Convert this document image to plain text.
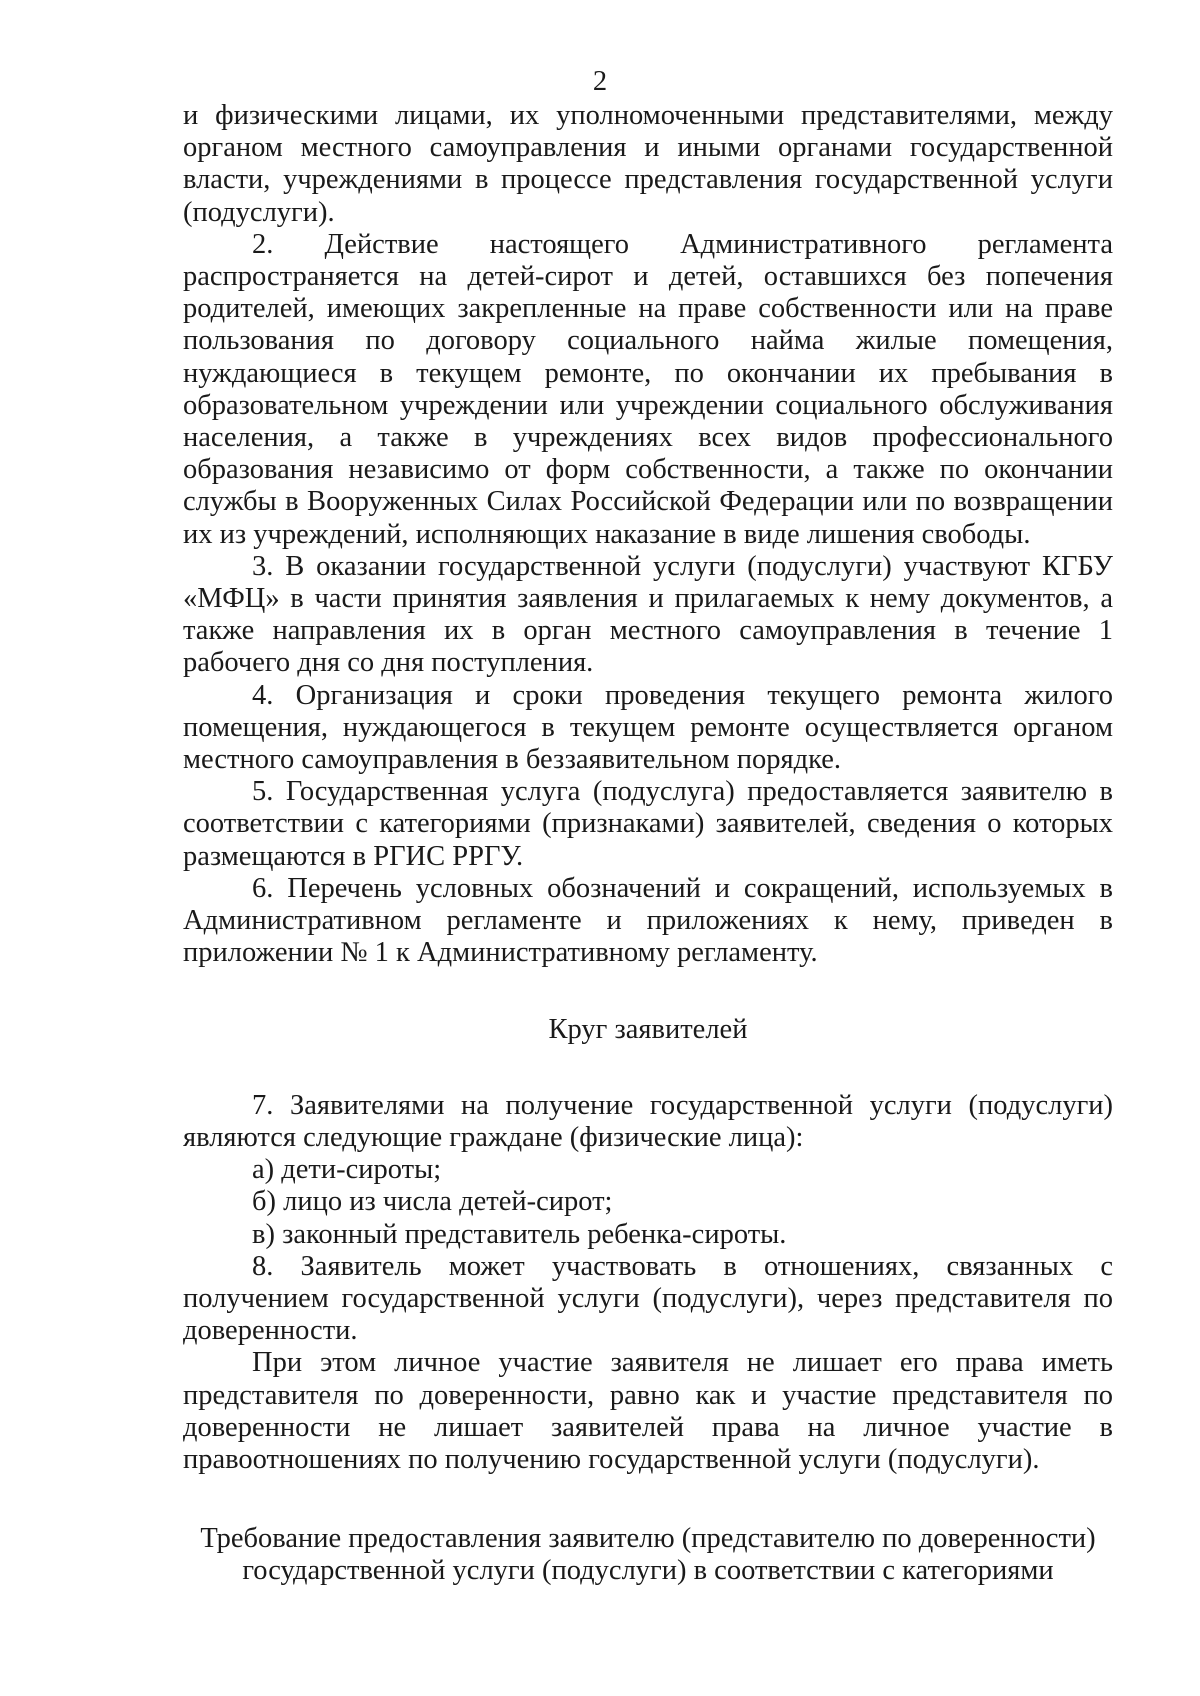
2

и физическими лицами, их уполномоченными представителями, между органом местного самоуправления и иными органами государственной власти, учреждениями в процессе представления государственной услуги (подуслуги).

2. Действие настоящего Административного регламента распространяется на детей-сирот и детей, оставшихся без попечения родителей, имеющих закрепленные на праве собственности или на праве пользования по договору социального найма жилые помещения, нуждающиеся в текущем ремонте, по окончании их пребывания в образовательном учреждении или учреждении социального обслуживания населения, а также в учреждениях всех видов профессионального образования независимо от форм собственности, а также по окончании службы в Вооруженных Силах Российской Федерации или по возвращении их из учреждений, исполняющих наказание в виде лишения свободы.

3. В оказании государственной услуги (подуслуги) участвуют КГБУ «МФЦ» в части принятия заявления и прилагаемых к нему документов, а также направления их в орган местного самоуправления в течение 1 рабочего дня со дня поступления.

4. Организация и сроки проведения текущего ремонта жилого помещения, нуждающегося в текущем ремонте осуществляется органом местного самоуправления в беззаявительном порядке.

5. Государственная услуга (подуслуга) предоставляется заявителю в соответствии с категориями (признаками) заявителей, сведения о которых размещаются в РГИС РРГУ.

6. Перечень условных обозначений и сокращений, используемых в Административном регламенте и приложениях к нему, приведен в приложении № 1 к Административному регламенту.

Круг заявителей

7. Заявителями на получение государственной услуги (подуслуги) являются следующие граждане (физические лица):

а) дети-сироты;

б) лицо из числа детей-сирот;

в) законный представитель ребенка-сироты.

8. Заявитель может участвовать в отношениях, связанных с получением государственной услуги (подуслуги), через представителя по доверенности.

При этом личное участие заявителя не лишает его права иметь представителя по доверенности, равно как и участие представителя по доверенности не лишает заявителей права на личное участие в правоотношениях по получению государственной услуги (подуслуги).

Требование предоставления заявителю (представителю по доверенности)

государственной услуги (подуслуги) в соответствии с категориями
